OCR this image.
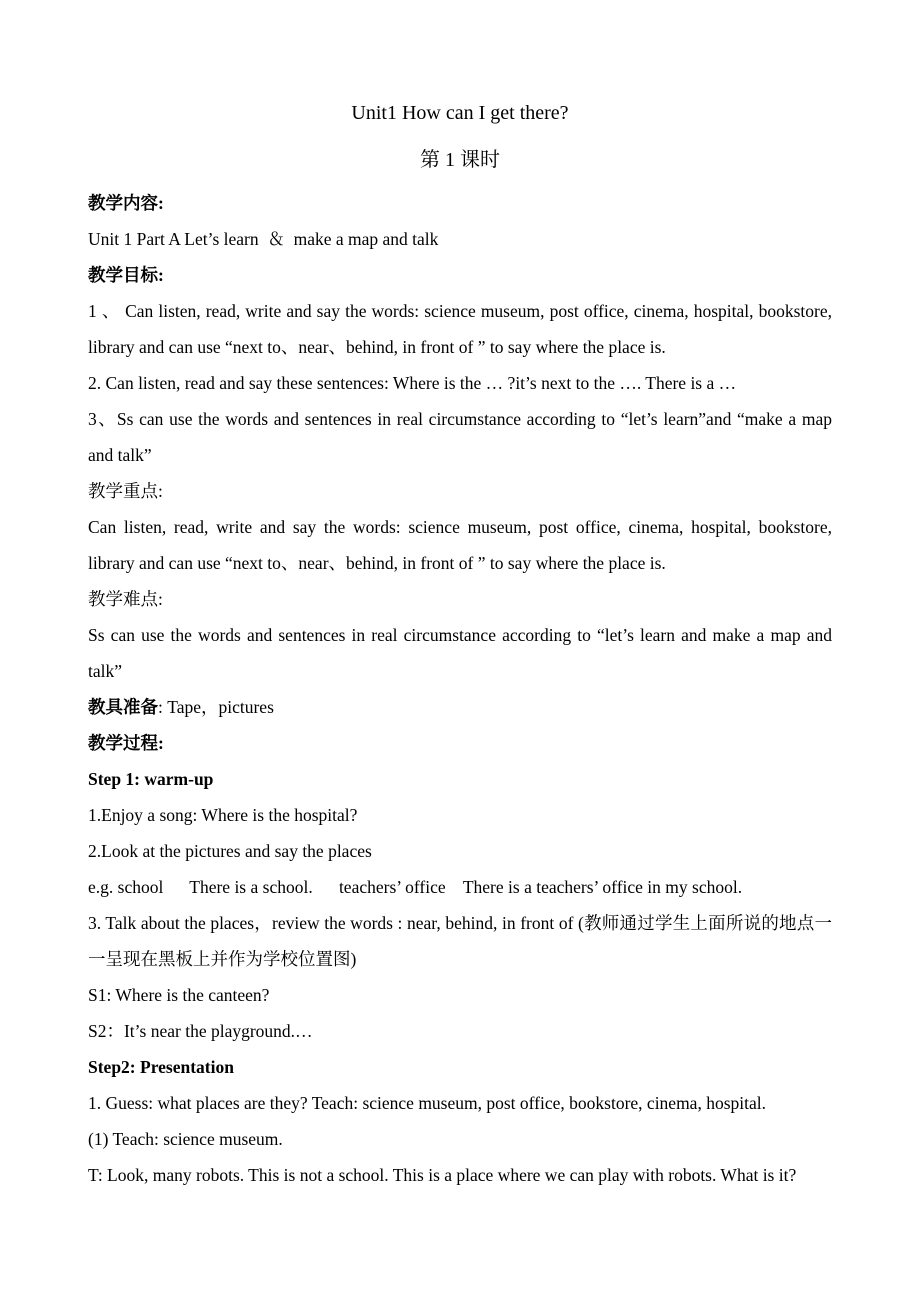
Unit1 How can I get there?
第 1 课时

教学内容:

Unit 1 Part A Let’s learn  ＆  make a map and talk

教学目标:

1 、 Can listen, read, write and say the words: science museum, post office, cinema, hospital, bookstore, library and can use “next to、near、behind, in front of ” to say where the place is.

2. Can listen, read and say these sentences: Where is the … ?it’s next to the …. There is a …

3、Ss can use the words and sentences in real circumstance according to “let’s learn”and “make a map and talk”

教学重点:

Can listen, read, write and say the words: science museum, post office, cinema, hospital, bookstore, library and can use “next to、near、behind, in front of ” to say where the place is.

教学难点:

Ss can use the words and sentences in real circumstance according to “let’s learn and make a map and talk”

教具准备: Tape，pictures

教学过程:

Step 1: warm-up

1.Enjoy a song: Where is the hospital?

2.Look at the pictures and say the places

e.g. school      There is a school.      teachers’ office    There is a teachers’ office in my school.

3. Talk about the places，review the words : near, behind, in front of (教师通过学生上面所说的地点一一呈现在黑板上并作为学校位置图)

S1: Where is the canteen?

S2：It’s near the playground.…

Step2: Presentation

1. Guess: what places are they? Teach: science museum, post office, bookstore, cinema, hospital.

(1) Teach: science museum.

T: Look, many robots. This is not a school. This is a place where we can play with robots. What is it?
